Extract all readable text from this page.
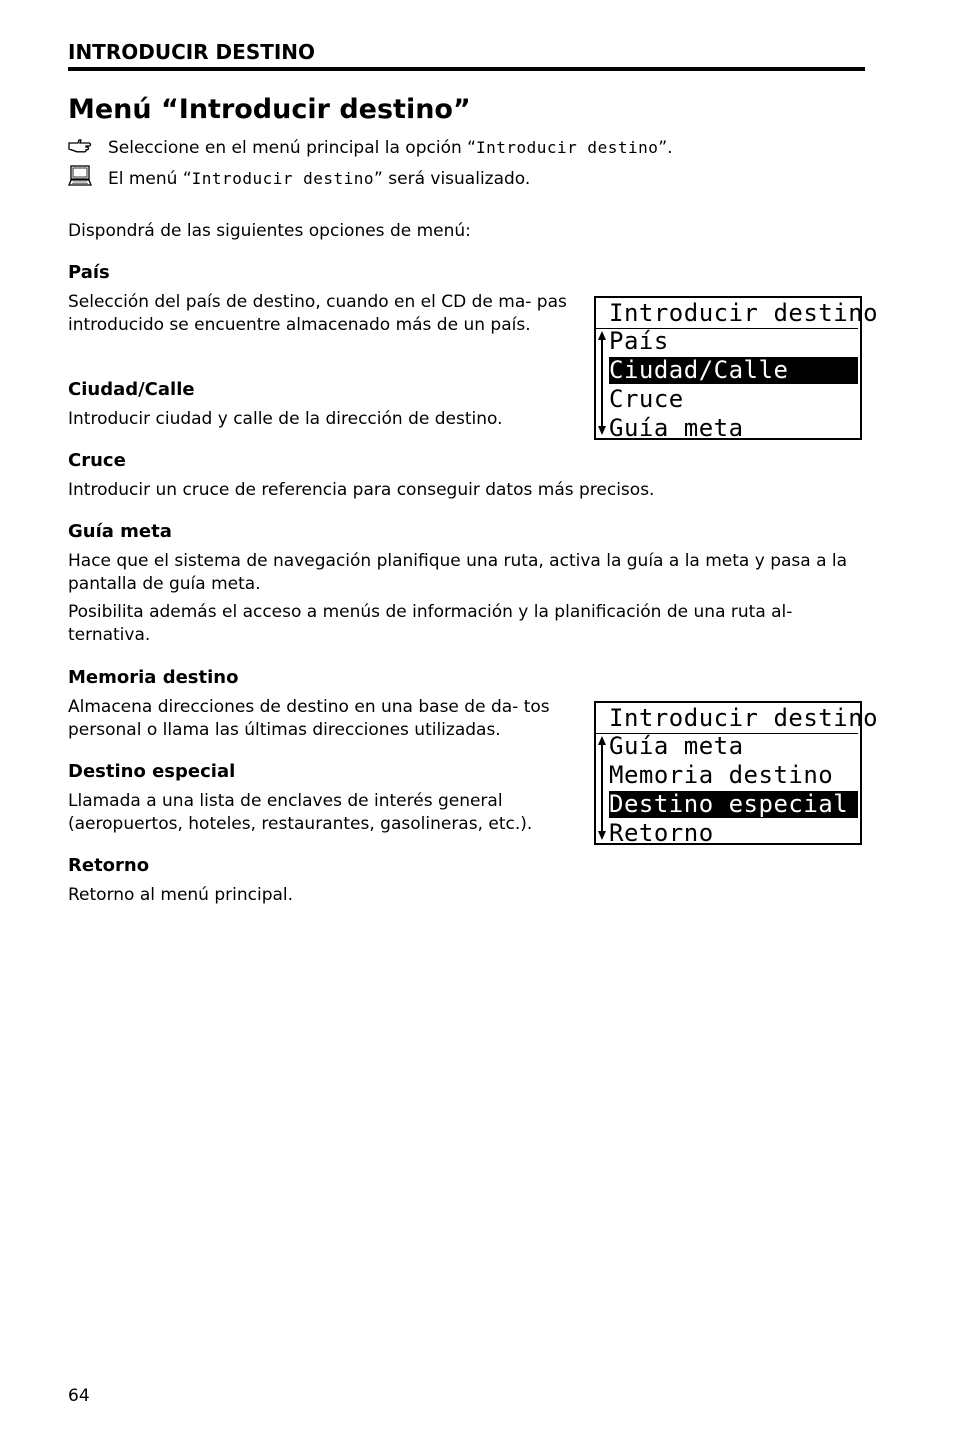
INTRODUCIR DESTINO
Menú “Introducir destino”
Seleccione en el menú principal la opción “ Introducir destino ”.
El menú “ Introducir destino ” será visualizado.
Dispondrá de las siguientes opciones de menú:
País
Selección del país de destino, cuando en el CD de ma- pas introducido se encuentre almacenado más de un país.
Ciudad/Calle
Introducir ciudad y calle de la dirección de destino.
Cruce
Introducir un cruce de referencia para conseguir datos más precisos.
Guía meta
Hace que el sistema de navegación planifique una ruta, activa la guía a la meta y pasa a la pantalla de guía meta.
Posibilita además el acceso a menús de información y la planificación de una ruta al- ternativa.
Memoria destino
Almacena direcciones de destino en una base de da- tos personal o llama las últimas direcciones utilizadas.
Destino especial
Llamada a una lista de enclaves de interés general (aeropuertos, hoteles, restaurantes, gasolineras, etc.).
Retorno
Retorno al menú principal.
Introducir destino
País
Ciudad/Calle
Cruce
Guía meta
Introducir destino
Guía meta
Memoria destino
Destino especial
Retorno
64
